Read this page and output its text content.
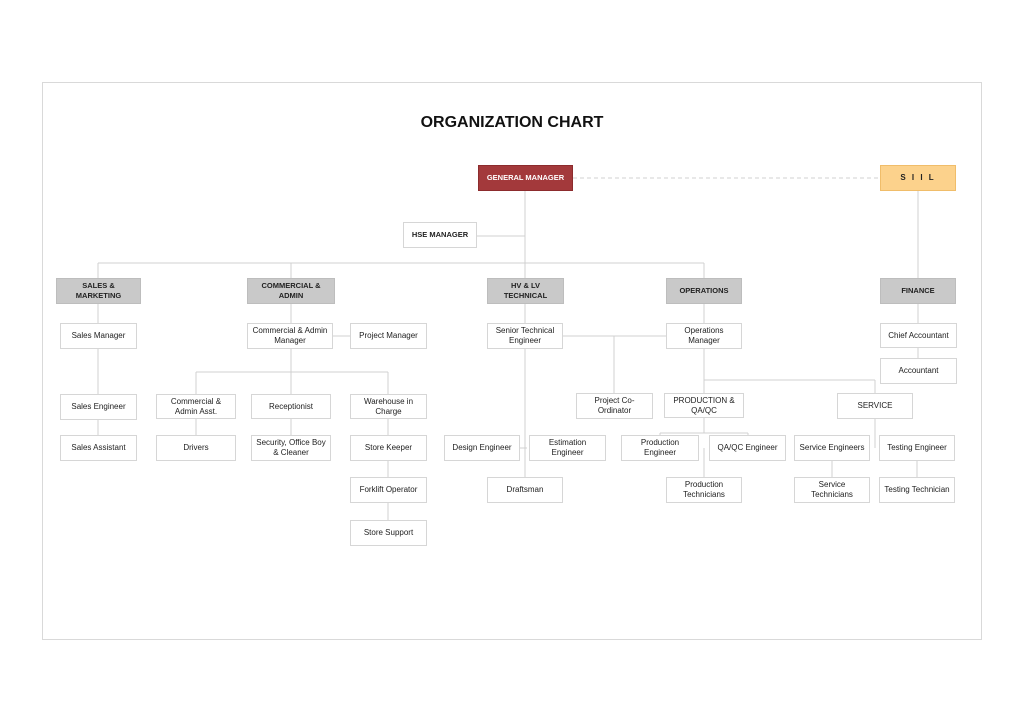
ORGANIZATION CHART
GENERAL MANAGER	S I I L
HSE MANAGER
SALES & MARKETING
COMMERCIAL & ADMIN
HV & LV TECHNICAL
OPERATIONS	FINANCE
Sales Manager
Sales Engineer
Sales Assistant
Commercial & Admin Manager
Project Manager
Commercial & Admin Asst.
Drivers
Receptionist
Security, Office Boy & Cleaner
Warehouse in Charge
Store Keeper
Forklift Operator
Store Support
Senior Technical Engineer
Project Co-Ordinator
Design Engineer
Estimation Engineer
Draftsman
Operations Manager
PRODUCTION & QA/QC
Production Engineer
QA/QC Engineer
Production Technicians
SERVICE
Service Engineers	Testing Engineer
Service Technicians
Testing Technician
Chief Accountant
Accountant
